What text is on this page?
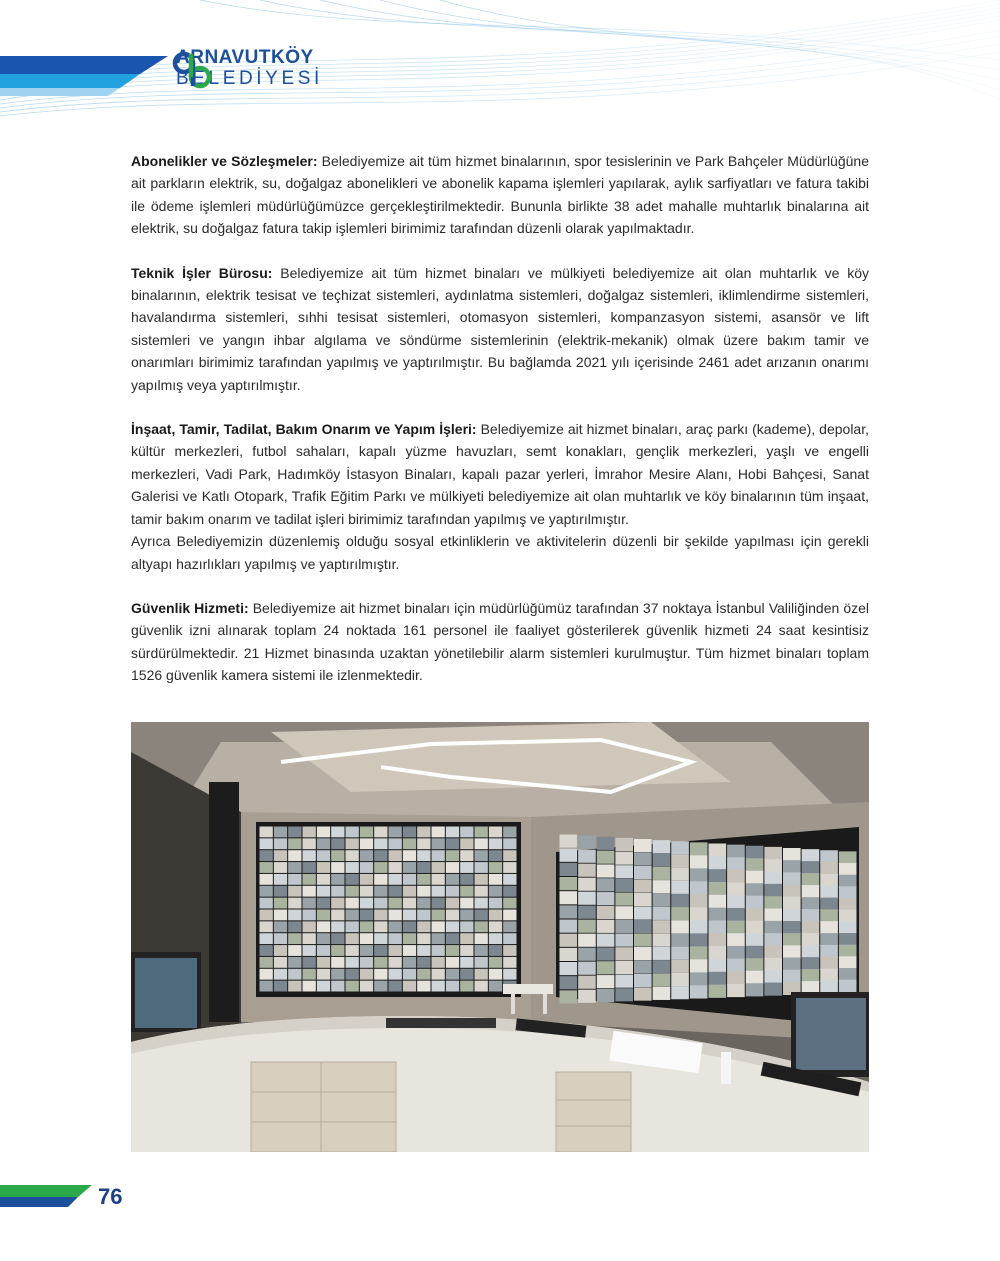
ARNAVUTKÖY
BELEDİYESİ

Abonelikler ve Sözleşmeler: Belediyemize ait tüm hizmet binalarının, spor tesislerinin ve Park Bahçeler Müdürlüğüne ait parkların elektrik, su, doğalgaz abonelikleri ve abonelik kapama işlemleri yapılarak, aylık sarfiyatları ve fatura takibi ile ödeme işlemleri müdürlüğümüzce gerçekleştirilmektedir. Bununla birlikte 38 adet mahalle muhtarlık binalarına ait elektrik, su doğalgaz fatura takip işlemleri birimimiz tarafından düzenli olarak yapılmaktadır.

Teknik İşler Bürosu: Belediyemize ait tüm hizmet binaları ve mülkiyeti belediyemize ait olan muhtarlık ve köy binalarının, elektrik tesisat ve teçhizat sistemleri, aydınlatma sistemleri, doğalgaz sistemleri, iklimlendirme sistemleri, havalandırma sistemleri, sıhhi tesisat sistemleri, otomasyon sistemleri, kompanzasyon sistemi, asansör ve lift sistemleri ve yangın ihbar algılama ve söndürme sistemlerinin (elektrik-mekanik) olmak üzere bakım tamir ve onarımları birimimiz tarafından yapılmış ve yaptırılmıştır. Bu bağlamda 2021 yılı içerisinde 2461 adet arızanın onarımı yapılmış veya yaptırılmıştır.

İnşaat, Tamir, Tadilat, Bakım Onarım ve Yapım İşleri: Belediyemize ait hizmet binaları, araç parkı (kademe), depolar, kültür merkezleri, futbol sahaları, kapalı yüzme havuzları, semt konakları, gençlik merkezleri, yaşlı ve engelli merkezleri, Vadi Park, Hadımköy İstasyon Binaları, kapalı pazar yerleri, İmrahor Mesire Alanı, Hobi Bahçesi, Sanat Galerisi ve Katlı Otopark, Trafik Eğitim Parkı ve mülkiyeti belediyemize ait olan muhtarlık ve köy binalarının tüm inşaat, tamir bakım onarım ve tadilat işleri birimimiz tarafından yapılmış ve yaptırılmıştır.

Ayrıca Belediyemizin düzenlemiş olduğu sosyal etkinliklerin ve aktivitelerin düzenli bir şekilde yapılması için gerekli altyapı hazırlıkları yapılmış ve yaptırılmıştır.

Güvenlik Hizmeti: Belediyemize ait hizmet binaları için müdürlüğümüz tarafından 37 noktaya İstanbul Valiliğinden özel güvenlik izni alınarak toplam 24 noktada 161 personel ile faaliyet gösterilerek güvenlik hizmeti 24 saat kesintisiz sürdürülmektedir. 21 Hizmet binasında uzaktan yönetilebilir alarm sistemleri kurulmuştur. Tüm hizmet binaları toplam 1526 güvenlik kamera sistemi ile izlenmektedir.

76
